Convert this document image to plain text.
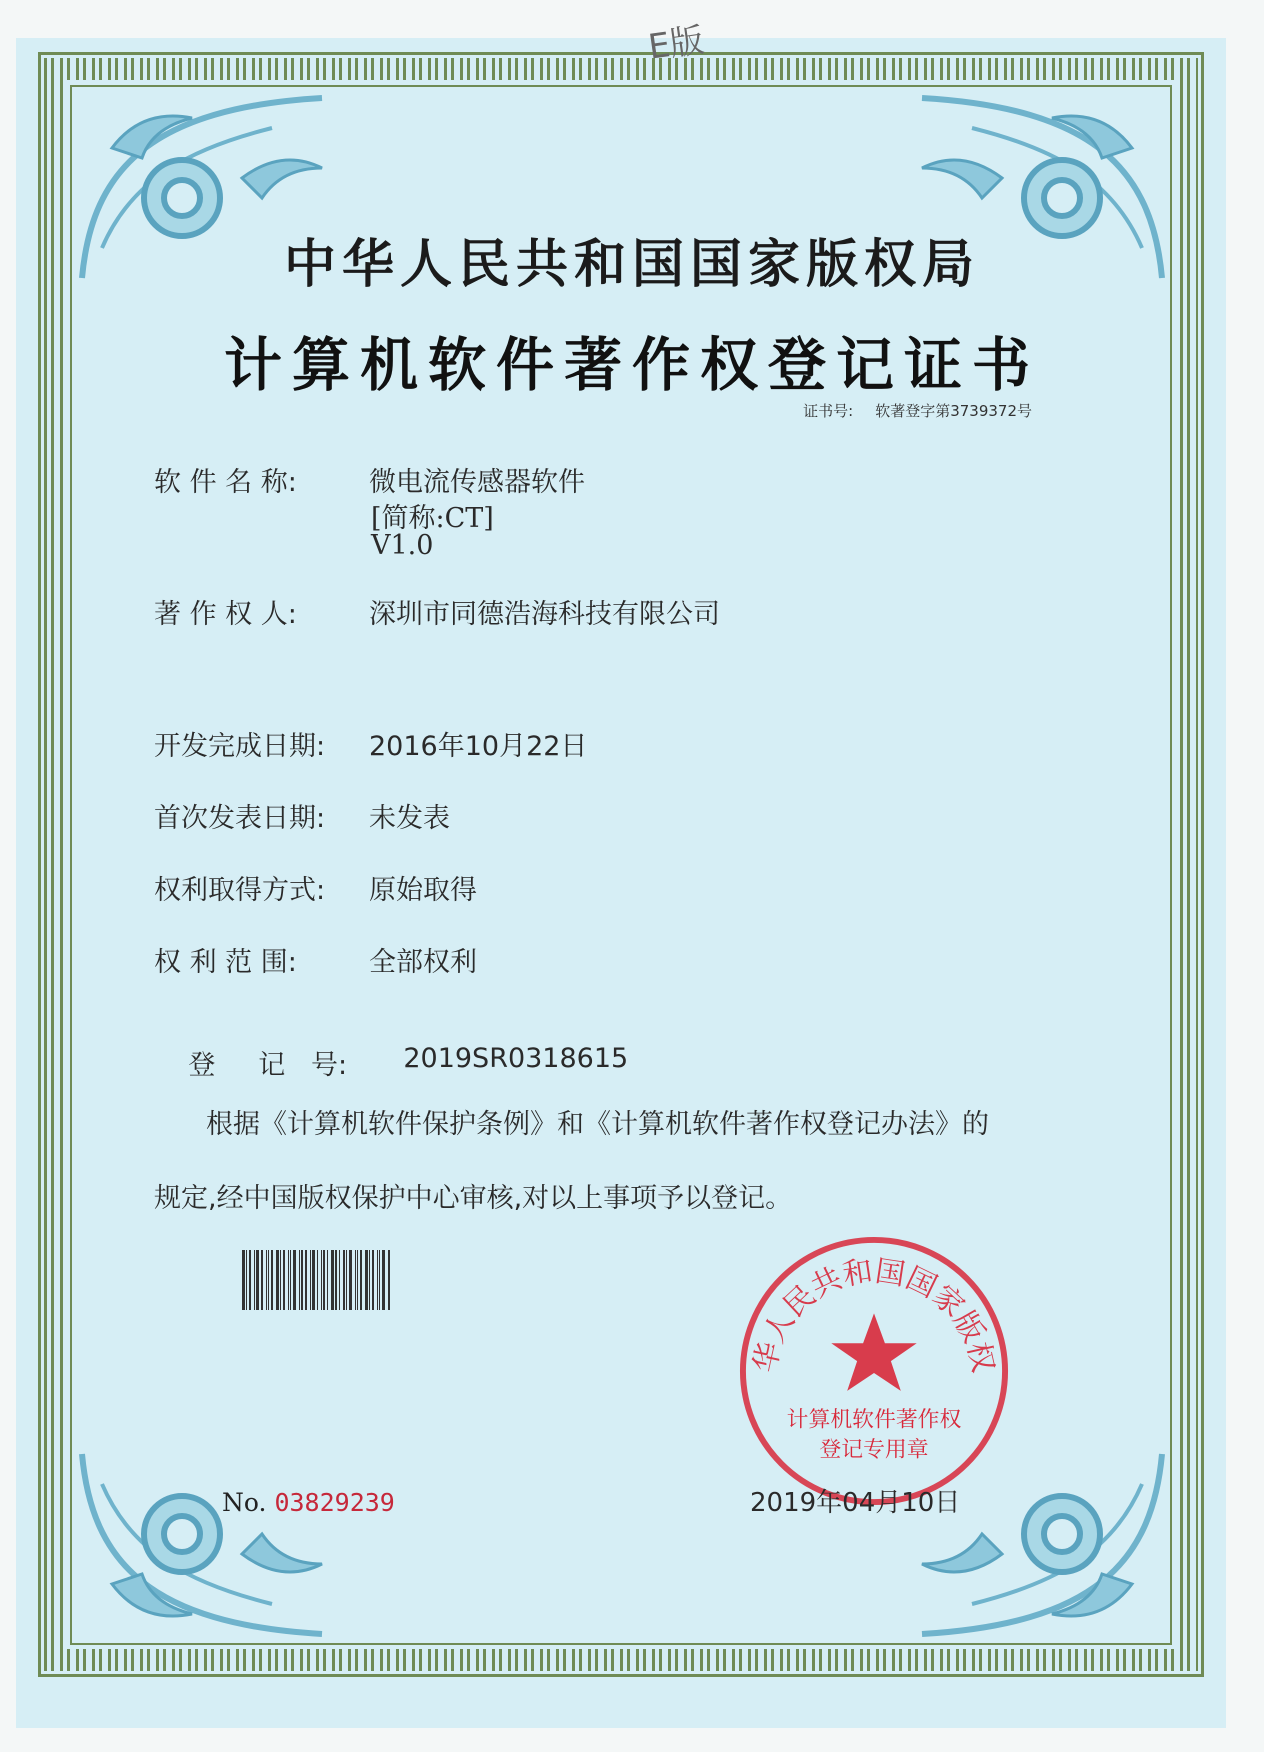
E版
中华人民共和国国家版权局
计算机软件著作权登记证书
证书号: 软著登字第3739372号
软 件 名 称:	微电流传感器软件
[简称:CT]
V1.0
著 作 权 人:	深圳市同德浩海科技有限公司
开发完成日期: 2016年10月22日
首次发表日期: 未发表
权利取得方式: 原始取得
权 利 范 围:	全部权利

登     记   号: 2019SR0318615

根据《计算机软件保护条例》和《计算机软件著作权登记办法》的
规定,经中国版权保护中心审核,对以上事项予以登记。
华人民共和国国家版权
计算机软件著作权
登记专用章
No. 03829239	2019年04月10日
